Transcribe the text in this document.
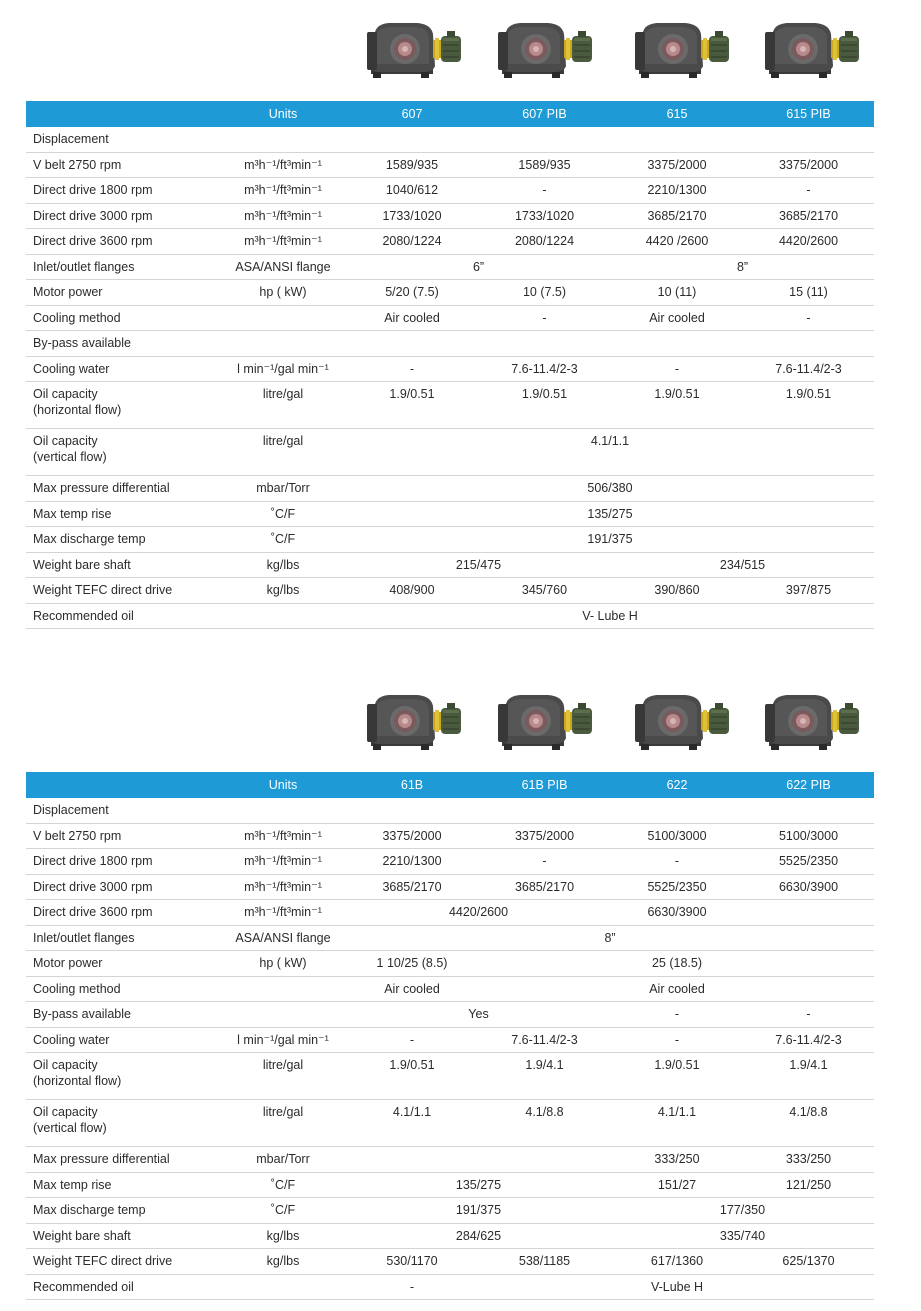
	Units	607	607 PIB	615	615 PIB
Displacement					
V belt 2750 rpm	m³h⁻¹/ft³min⁻¹	1589/935	1589/935	3375/2000	3375/2000
Direct drive 1800 rpm	m³h⁻¹/ft³min⁻¹	1040/612	-	2210/1300	-
Direct drive 3000 rpm	m³h⁻¹/ft³min⁻¹	1733/1020	1733/1020	3685/2170	3685/2170
Direct drive 3600 rpm	m³h⁻¹/ft³min⁻¹	2080/1224	2080/1224	4420 /2600	4420/2600
Inlet/outlet flanges	ASA/ANSI flange	6”		8”	
Motor power	hp ( kW)	5/20 (7.5)	10 (7.5)	10 (11)	15 (11)
Cooling method		Air cooled	-	Air cooled	-
By-pass available					
Cooling water	l min⁻¹/gal min⁻¹	-	7.6-11.4/2-3	-	7.6-11.4/2-3
Oil capacity
(horizontal flow)	litre/gal	1.9/0.51	1.9/0.51	1.9/0.51	1.9/0.51
Oil capacity
(vertical flow)	litre/gal	4.1/1.1			
Max pressure differential	mbar/Torr	506/380			
Max temp rise	˚C/F	135/275			
Max discharge temp	˚C/F	191/375			
Weight bare shaft	kg/lbs	215/475		234/515	
Weight TEFC direct drive	kg/lbs	408/900	345/760	390/860	397/875
Recommended oil		V- Lube H			
	Units	61B	61B PIB	622	622 PIB
Displacement					
V belt 2750 rpm	m³h⁻¹/ft³min⁻¹	3375/2000	3375/2000	5100/3000	5100/3000
Direct drive 1800 rpm	m³h⁻¹/ft³min⁻¹	2210/1300	-	-	5525/2350
Direct drive 3000 rpm	m³h⁻¹/ft³min⁻¹	3685/2170	3685/2170	5525/2350	6630/3900
Direct drive 3600 rpm	m³h⁻¹/ft³min⁻¹	4420/2600		6630/3900	
Inlet/outlet flanges	ASA/ANSI flange	8”			
Motor power	hp ( kW)	1 10/25 (8.5)		25 (18.5)	
Cooling method		Air cooled		Air cooled	
By-pass available		Yes		-	-
Cooling water	l min⁻¹/gal min⁻¹	-	7.6-11.4/2-3	-	7.6-11.4/2-3
Oil capacity
(horizontal flow)	litre/gal	1.9/0.51	1.9/4.1	1.9/0.51	1.9/4.1
Oil capacity
(vertical flow)	litre/gal	4.1/1.1	4.1/8.8	4.1/1.1	4.1/8.8
Max pressure differential	mbar/Torr			333/250	333/250
Max temp rise	˚C/F	135/275		151/27	121/250
Max discharge temp	˚C/F	191/375		177/350	
Weight bare shaft	kg/lbs	284/625		335/740	
Weight TEFC direct drive	kg/lbs	530/1170	538/1185	617/1360	625/1370
Recommended oil		-		V-Lube H	
